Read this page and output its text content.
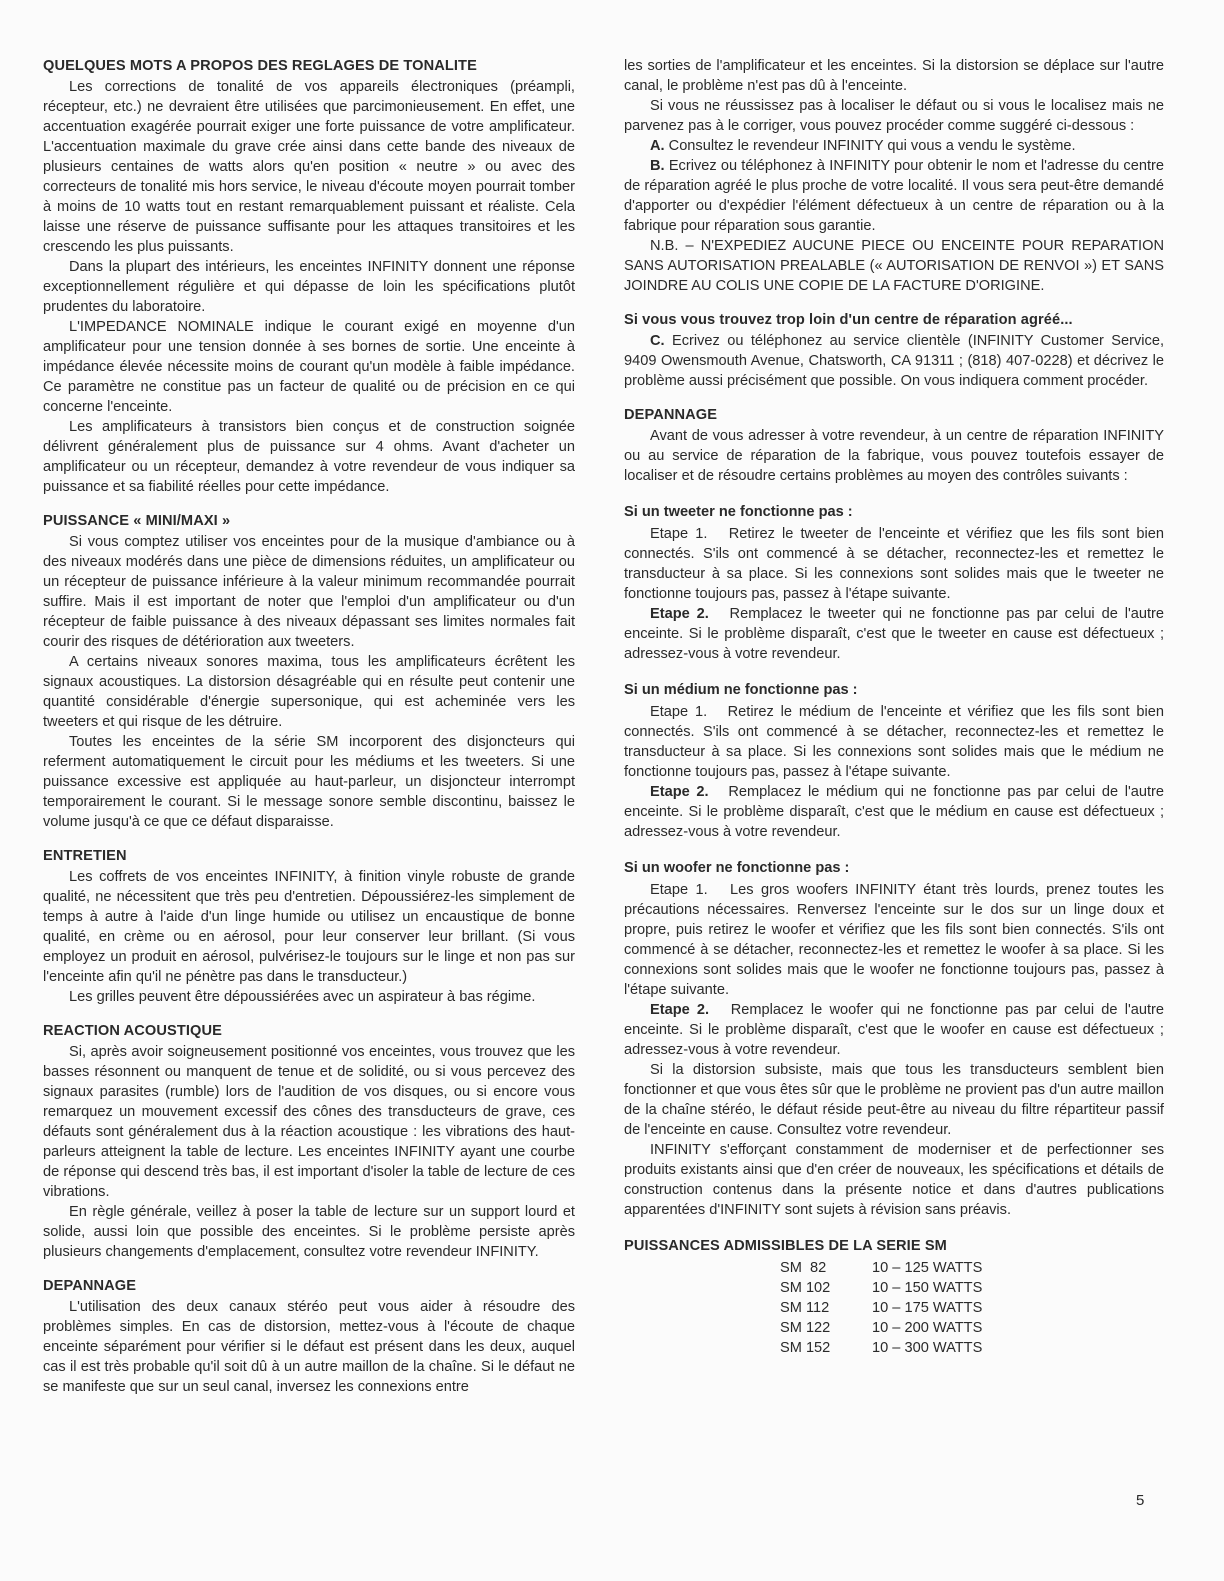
QUELQUES MOTS A PROPOS DES REGLAGES DE TONALITE

Les corrections de tonalité de vos appareils électroniques (préampli, récepteur, etc.) ne devraient être utilisées que parcimonieusement. En effet, une accentuation exagérée pourrait exiger une forte puissance de votre amplificateur. L'accentuation maximale du grave crée ainsi dans cette bande des niveaux de plusieurs centaines de watts alors qu'en position « neutre » ou avec des correcteurs de tonalité mis hors service, le niveau d'écoute moyen pourrait tomber à moins de 10 watts tout en restant remarquablement puissant et réaliste. Cela laisse une réserve de puissance suffisante pour les attaques transitoires et les crescendo les plus puissants.

Dans la plupart des intérieurs, les enceintes INFINITY donnent une réponse exceptionnellement régulière et qui dépasse de loin les spécifications plutôt prudentes du laboratoire.

L'IMPEDANCE NOMINALE indique le courant exigé en moyenne d'un amplificateur pour une tension donnée à ses bornes de sortie. Une enceinte à impédance élevée nécessite moins de courant qu'un modèle à faible impédance. Ce paramètre ne constitue pas un facteur de qualité ou de précision en ce qui concerne l'enceinte.

Les amplificateurs à transistors bien conçus et de construction soignée délivrent généralement plus de puissance sur 4 ohms. Avant d'acheter un amplificateur ou un récepteur, demandez à votre revendeur de vous indiquer sa puissance et sa fiabilité réelles pour cette impédance.

PUISSANCE « MINI/MAXI »

Si vous comptez utiliser vos enceintes pour de la musique d'ambiance ou à des niveaux modérés dans une pièce de dimensions réduites, un amplificateur ou un récepteur de puissance inférieure à la valeur minimum recommandée pourrait suffire. Mais il est important de noter que l'emploi d'un amplificateur ou d'un récepteur de faible puissance à des niveaux dépassant ses limites normales fait courir des risques de détérioration aux tweeters.

A certains niveaux sonores maxima, tous les amplificateurs écrêtent les signaux acoustiques. La distorsion désagréable qui en résulte peut contenir une quantité considérable d'énergie supersonique, qui est acheminée vers les tweeters et qui risque de les détruire.

Toutes les enceintes de la série SM incorporent des disjoncteurs qui referment automatiquement le circuit pour les médiums et les tweeters. Si une puissance excessive est appliquée au haut-parleur, un disjoncteur interrompt temporairement le courant. Si le message sonore semble discontinu, baissez le volume jusqu'à ce que ce défaut disparaisse.

ENTRETIEN

Les coffrets de vos enceintes INFINITY, à finition vinyle robuste de grande qualité, ne nécessitent que très peu d'entretien. Dépoussiérez-les simplement de temps à autre à l'aide d'un linge humide ou utilisez un encaustique de bonne qualité, en crème ou en aérosol, pour leur conserver leur brillant. (Si vous employez un produit en aérosol, pulvérisez-le toujours sur le linge et non pas sur l'enceinte afin qu'il ne pénètre pas dans le transducteur.)

Les grilles peuvent être dépoussiérées avec un aspirateur à bas régime.

REACTION ACOUSTIQUE

Si, après avoir soigneusement positionné vos enceintes, vous trouvez que les basses résonnent ou manquent de tenue et de solidité, ou si vous percevez des signaux parasites (rumble) lors de l'audition de vos disques, ou si encore vous remarquez un mouvement excessif des cônes des transducteurs de grave, ces défauts sont généralement dus à la réaction acoustique : les vibrations des haut-parleurs atteignent la table de lecture. Les enceintes INFINITY ayant une courbe de réponse qui descend très bas, il est important d'isoler la table de lecture de ces vibrations.

En règle générale, veillez à poser la table de lecture sur un support lourd et solide, aussi loin que possible des enceintes. Si le problème persiste après plusieurs changements d'emplacement, consultez votre revendeur INFINITY.

DEPANNAGE

L'utilisation des deux canaux stéréo peut vous aider à résoudre des problèmes simples. En cas de distorsion, mettez-vous à l'écoute de chaque enceinte séparément pour vérifier si le défaut est présent dans les deux, auquel cas il est très probable qu'il soit dû à un autre maillon de la chaîne. Si le défaut ne se manifeste que sur un seul canal, inversez les connexions entre

les sorties de l'amplificateur et les enceintes. Si la distorsion se déplace sur l'autre canal, le problème n'est pas dû à l'enceinte.

Si vous ne réussissez pas à localiser le défaut ou si vous le localisez mais ne parvenez pas à le corriger, vous pouvez procéder comme suggéré ci-dessous :

A. Consultez le revendeur INFINITY qui vous a vendu le système.

B. Ecrivez ou téléphonez à INFINITY pour obtenir le nom et l'adresse du centre de réparation agréé le plus proche de votre localité. Il vous sera peut-être demandé d'apporter ou d'expédier l'élément défectueux à un centre de réparation ou à la fabrique pour réparation sous garantie.

N.B. – N'EXPEDIEZ AUCUNE PIECE OU ENCEINTE POUR REPARATION SANS AUTORISATION PREALABLE (« AUTORISATION DE RENVOI ») ET SANS JOINDRE AU COLIS UNE COPIE DE LA FACTURE D'ORIGINE.

Si vous vous trouvez trop loin d'un centre de réparation agréé...

C. Ecrivez ou téléphonez au service clientèle (INFINITY Customer Service, 9409 Owensmouth Avenue, Chatsworth, CA 91311 ; (818) 407-0228) et décrivez le problème aussi précisément que possible. On vous indiquera comment procéder.

DEPANNAGE

Avant de vous adresser à votre revendeur, à un centre de réparation INFINITY ou au service de réparation de la fabrique, vous pouvez toutefois essayer de localiser et de résoudre certains problèmes au moyen des contrôles suivants :

Si un tweeter ne fonctionne pas :

Etape 1. Retirez le tweeter de l'enceinte et vérifiez que les fils sont bien connectés. S'ils ont commencé à se détacher, reconnectez-les et remettez le transducteur à sa place. Si les connexions sont solides mais que le tweeter ne fonctionne toujours pas, passez à l'étape suivante.

Etape 2. Remplacez le tweeter qui ne fonctionne pas par celui de l'autre enceinte. Si le problème disparaît, c'est que le tweeter en cause est défectueux ; adressez-vous à votre revendeur.

Si un médium ne fonctionne pas :

Etape 1. Retirez le médium de l'enceinte et vérifiez que les fils sont bien connectés. S'ils ont commencé à se détacher, reconnectez-les et remettez le transducteur à sa place. Si les connexions sont solides mais que le médium ne fonctionne toujours pas, passez à l'étape suivante.

Etape 2. Remplacez le médium qui ne fonctionne pas par celui de l'autre enceinte. Si le problème disparaît, c'est que le médium en cause est défectueux ; adressez-vous à votre revendeur.

Si un woofer ne fonctionne pas :

Etape 1. Les gros woofers INFINITY étant très lourds, prenez toutes les précautions nécessaires. Renversez l'enceinte sur le dos sur un linge doux et propre, puis retirez le woofer et vérifiez que les fils sont bien connectés. S'ils ont commencé à se détacher, reconnectez-les et remettez le woofer à sa place. Si les connexions sont solides mais que le woofer ne fonctionne toujours pas, passez à l'étape suivante.

Etape 2. Remplacez le woofer qui ne fonctionne pas par celui de l'autre enceinte. Si le problème disparaît, c'est que le woofer en cause est défectueux ; adressez-vous à votre revendeur.

Si la distorsion subsiste, mais que tous les transducteurs semblent bien fonctionner et que vous êtes sûr que le problème ne provient pas d'un autre maillon de la chaîne stéréo, le défaut réside peut-être au niveau du filtre répartiteur passif de l'enceinte en cause. Consultez votre revendeur.

INFINITY s'efforçant constamment de moderniser et de perfectionner ses produits existants ainsi que d'en créer de nouveaux, les spécifications et détails de construction contenus dans la présente notice et dans d'autres publications apparentées d'INFINITY sont sujets à révision sans préavis.

PUISSANCES ADMISSIBLES DE LA SERIE SM
SM  82	10 – 125 WATTS
SM 102	10 – 150 WATTS
SM 112	10 – 175 WATTS
SM 122	10 – 200 WATTS
SM 152	10 – 300 WATTS
5
